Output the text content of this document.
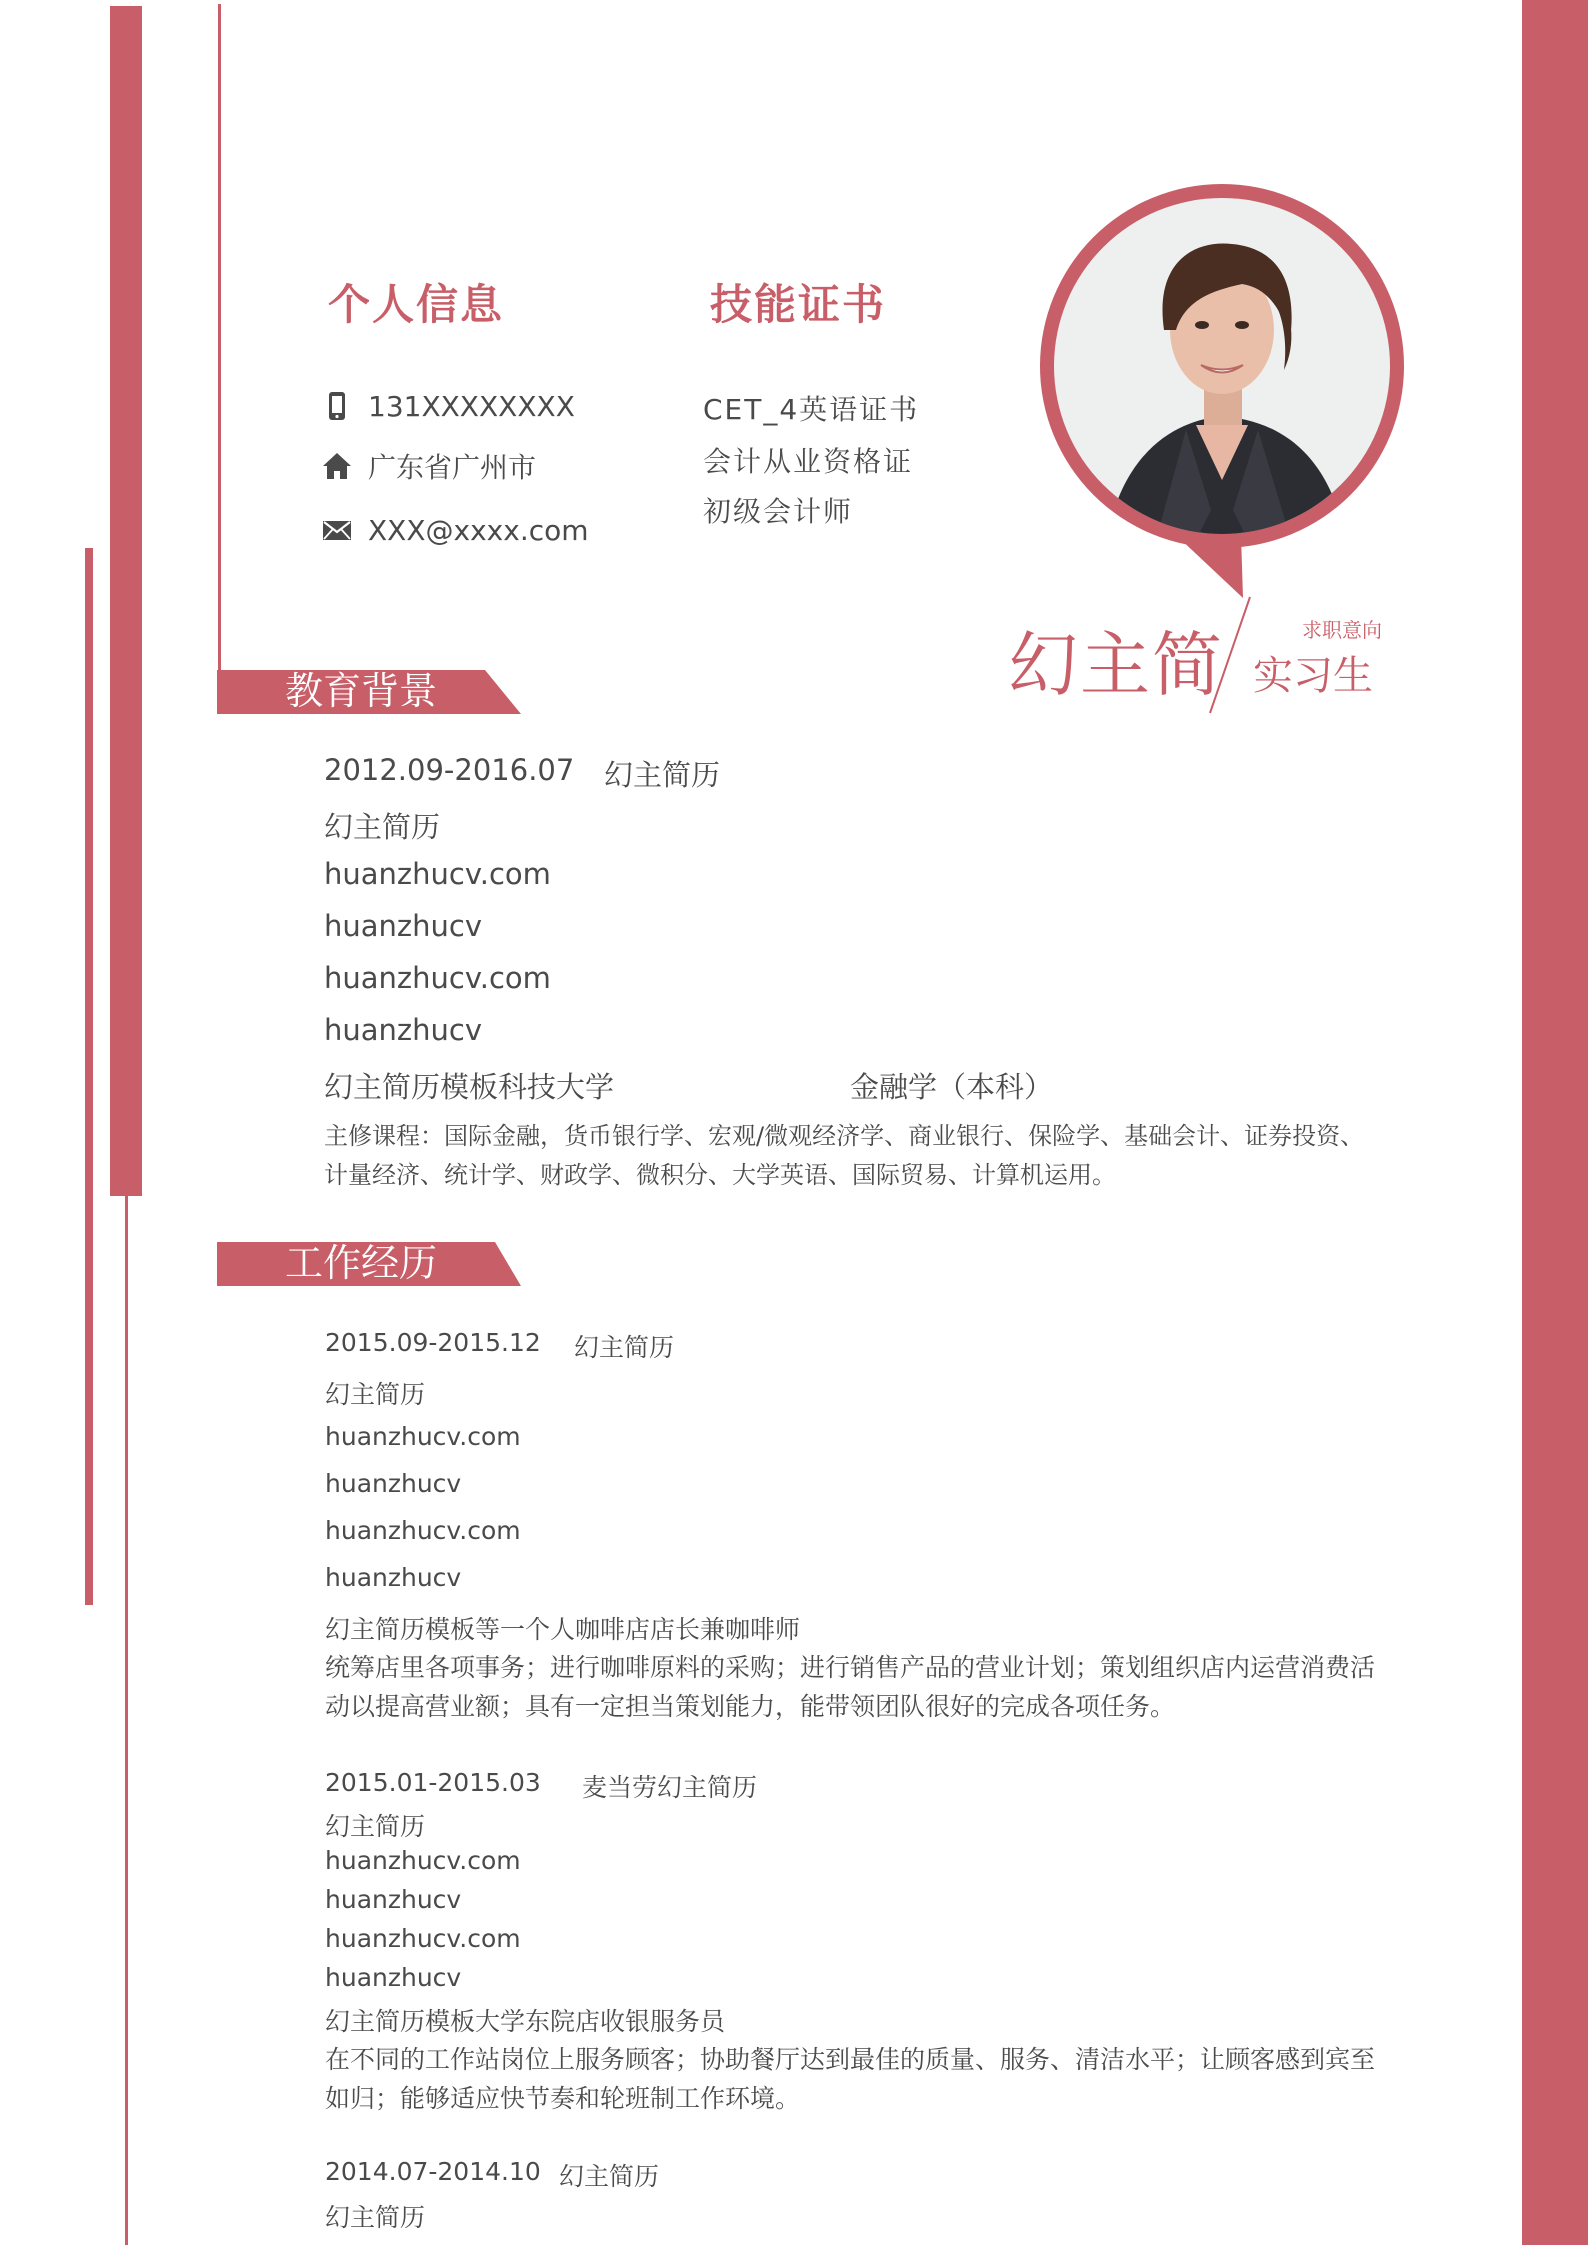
个人信息
131XXXXXXXX
广东省广州市
XXX@xxxx.com
技能证书
CET_4英语证书
会计从业资格证
初级会计师
求职意向
幻主简 实习生
教育背景
2012.09-2016.07 幻主简历
幻主简历
huanzhucv.com
huanzhucv
huanzhucv.com
huanzhucv
幻主简历模板科技大学	金融学（本科）
主修课程：国际金融，货币银行学、宏观/微观经济学、商业银行、保险学、基础会计、证券投资、计量经济、统计学、财政学、微积分、大学英语、国际贸易、计算机运用。
工作经历
2015.09-2015.12 幻主简历
幻主简历
huanzhucv.com
huanzhucv
huanzhucv.com
huanzhucv
幻主简历模板等一个人咖啡店店长兼咖啡师
统筹店里各项事务；进行咖啡原料的采购；进行销售产品的营业计划；策划组织店内运营消费活动以提高营业额；具有一定担当策划能力，能带领团队很好的完成各项任务。
2015.01-2015.03 麦当劳幻主简历
幻主简历
huanzhucv.com
huanzhucv
huanzhucv.com
huanzhucv
幻主简历模板大学东院店收银服务员
在不同的工作站岗位上服务顾客；协助餐厅达到最佳的质量、服务、清洁水平；让顾客感到宾至如归；能够适应快节奏和轮班制工作环境。
2014.07-2014.10 幻主简历
幻主简历
